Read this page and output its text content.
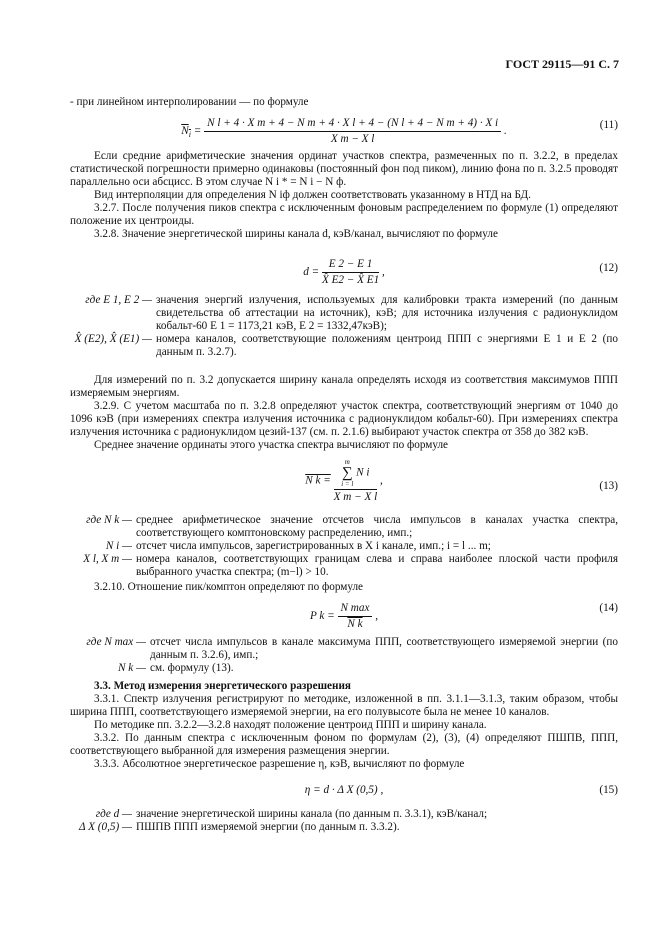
ГОСТ 29115—91 С. 7

- при линейном интерполировании — по формуле

$N_i$ =
N l + 4 · X m + 4 − N m + 4 · X l + 4 − (N l + 4 − N m + 4) · X i
X m − X l
.
(11)

Если средние арифметические значения ординат участков спектра, размеченных по п. 3.2.2, в пределах статистической погрешности примерно одинаковы (постоянный фон под пиком), линию фона по п. 3.2.5 проводят параллельно оси абсцисс. В этом случае N i * = N i − N ф.

Вид интерполяции для определения N iф должен соответствовать указанному в НТД на БД.

3.2.7. После получения пиков спектра с исключенным фоновым распределением по формуле (1) определяют положение их центроиды.

3.2.8. Значение энергетической ширины канала d, кэВ/канал, вычисляют по формуле

$d = \frac{E 2 - E 1}{X̂ E2 - X̂ E1}$ ,	(12)
где E 1, E 2 — значения энергий излучения, используемых для калибровки тракта измерений (по данным свидетельства об аттестации на источник), кэВ; для источника излучения с радионуклидом кобальт-60 E 1 = 1173,21 кэВ, E 2 = 1332,47кэВ);
X̂ (E2), X̂ (E1) — номера каналов, соответствующие положениям центроид ППП с энергиями E 1 и E 2 (по данным п. 3.2.7).

Для измерений по п. 3.2 допускается ширину канала определять исходя из соответствия максимумов ППП измеряемым энергиям.

3.2.9. С учетом масштаба по п. 3.2.8 определяют участок спектра, соответствующий энергиям от 1040 до 1096 кэВ (при измерениях спектра излучения источника с радионуклидом кобальт-60). При измерениях спектра излучения источника с радионуклидом цезий-137 (см. п. 2.1.6) выбирают участок спектра от 358 до 382 кэВ.

Среднее значение ординаты этого участка спектра вычисляют по формуле

N k = m
∑
i = l
N i
X m − X l ,	(13)
где N k — среднее арифметическое значение отсчетов числа импульсов в каналах участка спектра, соответствующего комптоновскому распределению, имп.;
N i — отсчет числа импульсов, зарегистрированных в X i канале, имп.; i = l ... m;
X l, X m — номера каналов, соответствующих границам слева и справа наиболее плоской части профиля выбранного участка спектра; (m−l) > 10.

3.2.10. Отношение пик/комптон определяют по формуле

P $k = \frac{\text{N max}}{\text{N k}}$ ,
(14)
где N max — отсчет числа импульсов в канале максимума ППП, соответствующего измеряемой энергии (по данным п. 3.2.6), имп.;
N k — см. формулу (13).

3.3. Метод измерения энергетического разрешения

3.3.1. Спектр излучения регистрируют по методике, изложенной в пп. 3.1.1—3.1.3, таким образом, чтобы ширина ППП, соответствующего измеряемой энергии, на его полувысоте была не менее 10 каналов.

По методике пп. 3.2.2—3.2.8 находят положение центроид ППП и ширину канала.

3.3.2. По данным спектра с исключенным фоном по формулам (2), (3), (4) определяют ПШПВ, ППП, соответствующего выбранной для измерения размещения энергии.

3.3.3. Абсолютное энергетическое разрешение η, кэВ, вычисляют по формуле

η = d · Δ X (0,5) ,	(15)
где d — значение энергетической ширины канала (по данным п. 3.3.1), кэВ/канал;
Δ X (0,5) — ПШПВ ППП измеряемой энергии (по данным п. 3.3.2).
